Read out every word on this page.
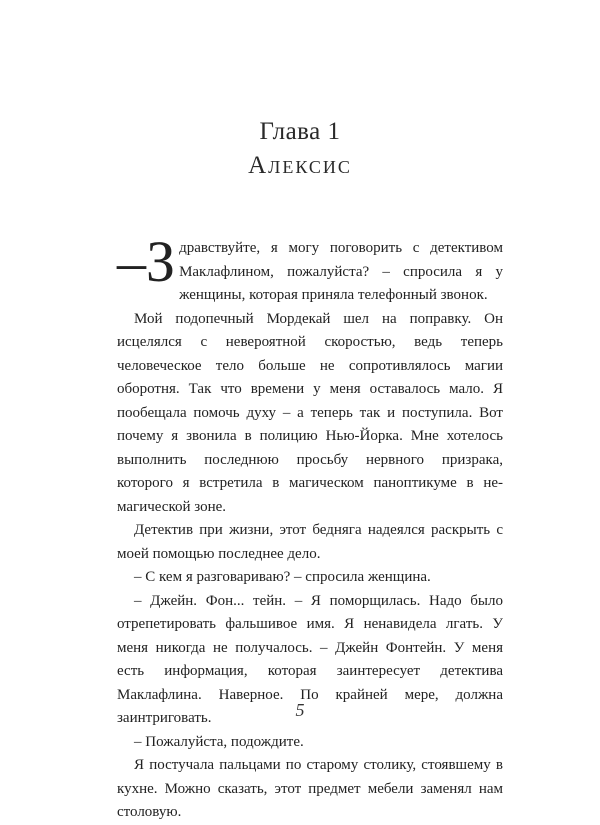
Глава 1
Алексис

–З дравствуйте, я могу поговорить с детективом Маклафлином, пожалуйста? – спросила я у женщины, которая приняла телефонный звонок.

Мой подопечный Мордекай шел на поправку. Он исцелялся с невероятной скоростью, ведь теперь человеческое тело больше не сопротивлялось магии оборотня. Так что времени у меня оставалось мало. Я пообещала помочь духу – а теперь так и поступила. Вот почему я звонила в полицию Нью-Йорка. Мне хотелось выполнить последнюю просьбу нервного призрака, которого я встретила в магическом паноптикуме в не-магической зоне.

Детектив при жизни, этот бедняга надеялся раскрыть с моей помощью последнее дело.

– С кем я разговариваю? – спросила женщина.

– Джейн. Фон... тейн. – Я поморщилась. Надо было отрепетировать фальшивое имя. Я ненавидела лгать. У меня никогда не получалось. – Джейн Фонтейн. У меня есть информация, которая заинтересует детектива Маклафлина. Наверное. По крайней мере, должна заинтриговать.

– Пожалуйста, подождите.

Я постучала пальцами по старому столику, стоявшему в кухне. Можно сказать, этот предмет мебели заменял нам столовую.

5
